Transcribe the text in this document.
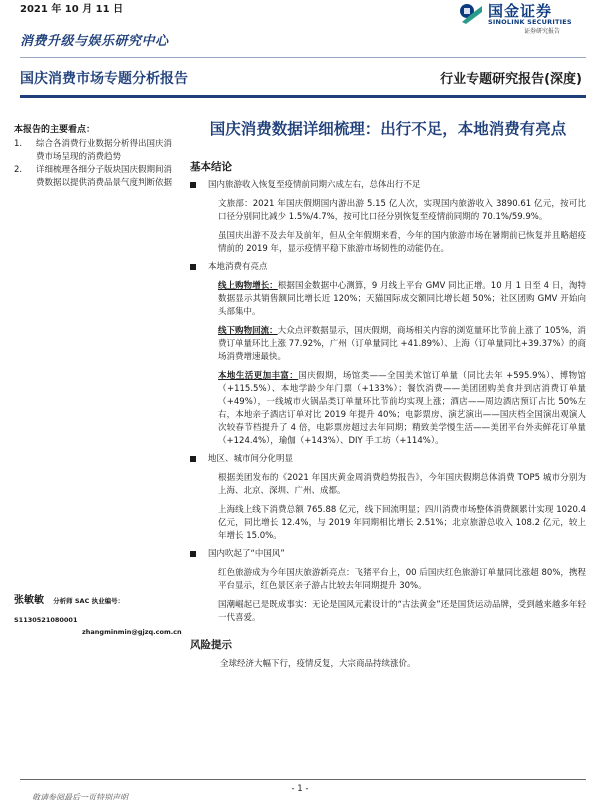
2021 年 10 月 11 日	国金证券
SINOLINK SECURITIES
证券研究报告
消费升级与娱乐研究中心
国庆消费市场专题分析报告	行业专题研究报告(深度)
本报告的主要看点：
1.	综合各消费行业数据分析得出国庆消费市场呈现的消费趋势
2.	详细梳理各细分子版块国庆假期间消费数据以提供消费品景气度判断依据
张敏敏 分析师 SAC 执业编号：S1130521080001
zhangminmin@gjzq.com.cn
国庆消费数据详细梳理：出行不足，本地消费有亮点
基本结论
国内旅游收入恢复至疫情前同期六成左右，总体出行不足
文旅部：2021 年国庆假期国内游出游 5.15 亿人次，实现国内旅游收入 3890.61 亿元，按可比口径分别同比减少 1.5%/4.7%，按可比口径分别恢复至疫情前同期的 70.1%/59.9%。
虽国庆出游不及去年及前年，但从全年假期来看，今年的国内旅游市场在暑期前已恢复并且略超疫情前的 2019 年，显示疫情平稳下旅游市场韧性的动能仍在。
本地消费有亮点
线上购物增长：根据国金数据中心测算，9 月线上平台 GMV 同比正增。10 月 1 日至 4 日，淘特数据显示其销售额同比增长近 120%；天猫国际成交额同比增长超 50%；社区团购 GMV 开始向头部集中。
线下购物回流：大众点评数据显示，国庆假期，商场相关内容的浏览量环比节前上涨了 105%，消费订单量环比上涨 77.92%，广州（订单量同比 +41.89%）、上海（订单量同比+39.37%）的商场消费增速最快。
本地生活更加丰富：国庆假期，场馆类——全国美术馆订单量（同比去年 +595.9%）、博物馆（+115.5%）、本地学龄少年门票（+133%）；餐饮消费——美团团购美食并到店消费订单量（+49%），一线城市火锅品类订单量环比节前均实现上涨；酒店——周边酒店预订占比 50%左右，本地亲子酒店订单对比 2019 年提升 40%；电影票房、演艺演出——国庆档全国演出观演人次较春节档提升了 4 倍，电影票房超过去年同期；精致美学慢生活——美团平台外卖鲜花订单量（+124.4%），瑜伽（+143%）、DIY 手工坊（+114%）。
地区、城市间分化明显
根据美团发布的《2021 年国庆黄金周消费趋势报告》，今年国庆假期总体消费 TOP5 城市分别为上海、北京、深圳、广州、成都。
上海线上线下消费总额 765.88 亿元，线下回流明显；四川消费市场整体消费额累计实现 1020.4 亿元，同比增长 12.4%，与 2019 年同期相比增长 2.51%；北京旅游总收入 108.2 亿元，较上年增长 15.0%。
国内吹起了“中国风”
红色旅游成为今年国庆旅游新亮点：飞猪平台上，00 后国庆红色旅游订单量同比涨超 80%，携程平台显示，红色景区亲子游占比较去年同期提升 30%。
国潮崛起已是既成事实：无论是国风元素设计的“古法黄金”还是国货运动品牌，受到越来越多年轻一代喜爱。
风险提示
全球经济大幅下行，疫情反复，大宗商品持续涨价。
- 1 -
敬请参阅最后一页特别声明
